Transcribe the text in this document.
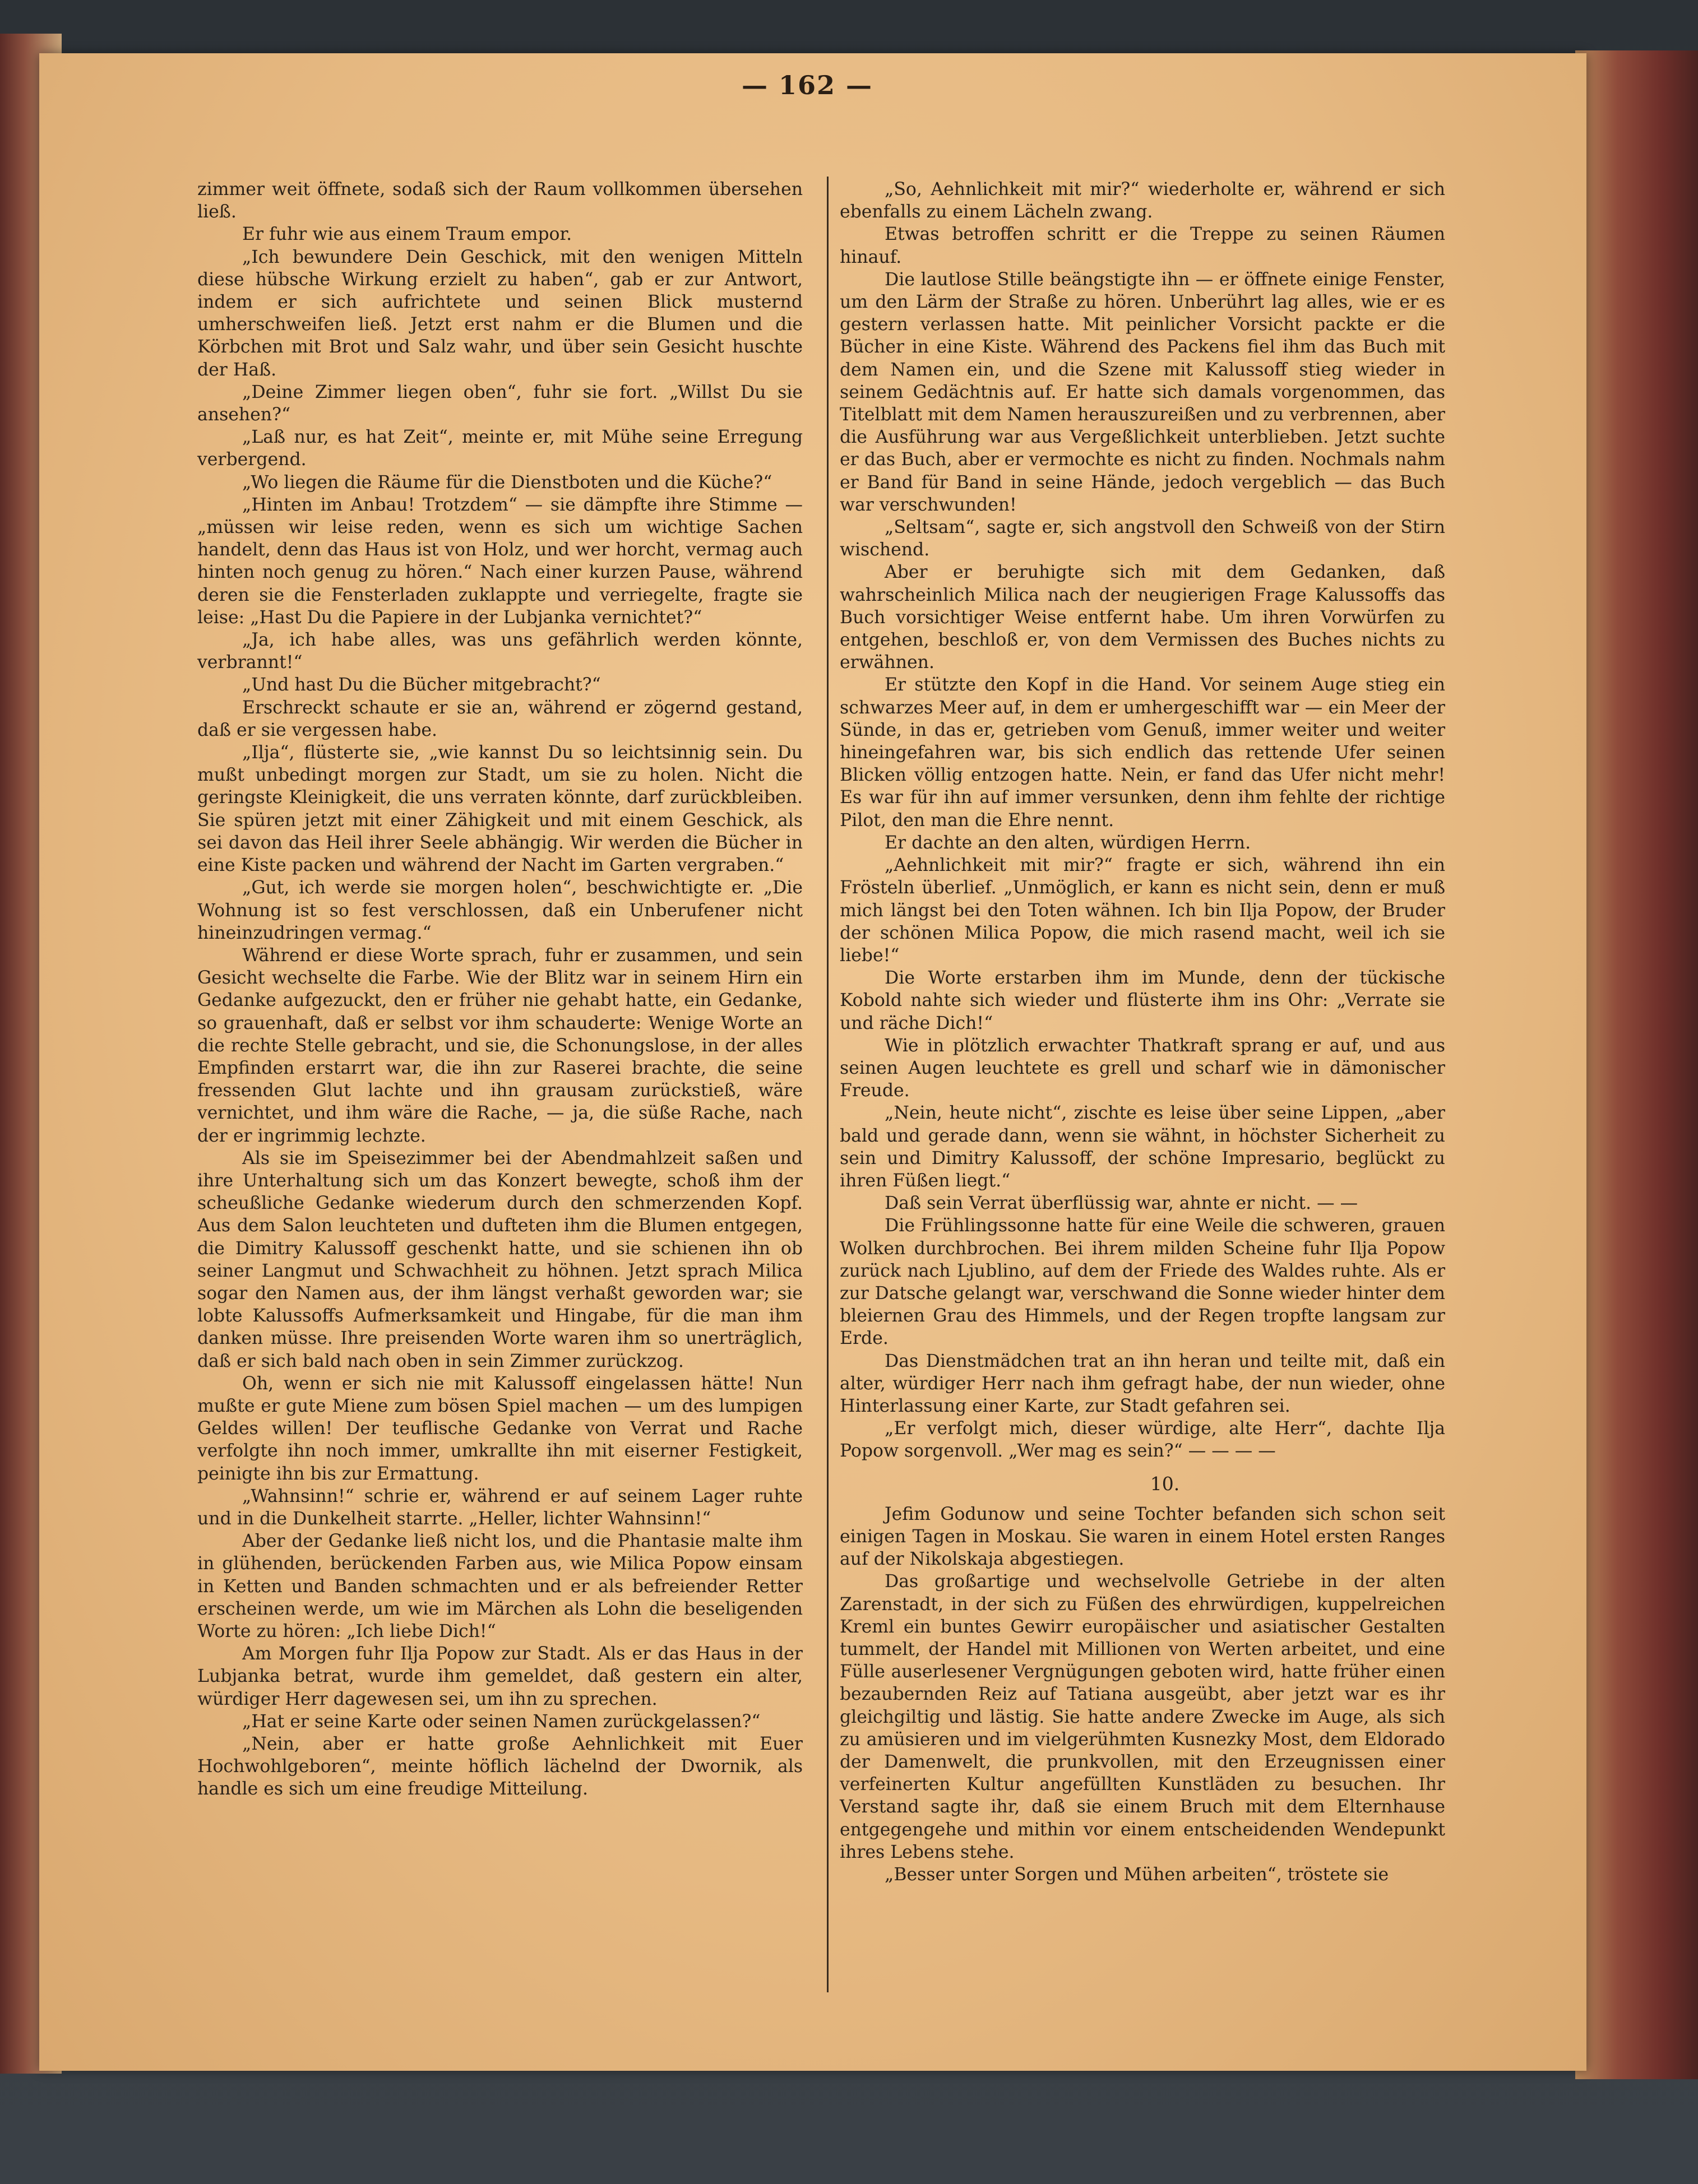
— 162 —

zimmer weit öffnete, sodaß sich der Raum vollkommen übersehen ließ.

Er fuhr wie aus einem Traum empor.

„Ich bewundere Dein Geschick, mit den wenigen Mitteln diese hübsche Wirkung erzielt zu haben“, gab er zur Antwort, indem er sich aufrichtete und seinen Blick musternd umherschweifen ließ. Jetzt erst nahm er die Blumen und die Körbchen mit Brot und Salz wahr, und über sein Gesicht huschte der Haß.

„Deine Zimmer liegen oben“, fuhr sie fort. „Willst Du sie ansehen?“

„Laß nur, es hat Zeit“, meinte er, mit Mühe seine Erregung verbergend.

„Wo liegen die Räume für die Dienstboten und die Küche?“

„Hinten im Anbau! Trotzdem“ — sie dämpfte ihre Stimme — „müssen wir leise reden, wenn es sich um wichtige Sachen handelt, denn das Haus ist von Holz, und wer horcht, vermag auch hinten noch genug zu hören.“ Nach einer kurzen Pause, während deren sie die Fensterladen zuklappte und verriegelte, fragte sie leise: „Hast Du die Papiere in der Lubjanka vernichtet?“

„Ja, ich habe alles, was uns gefährlich werden könnte, verbrannt!“

„Und hast Du die Bücher mitgebracht?“

Erschreckt schaute er sie an, während er zögernd gestand, daß er sie vergessen habe.

„Ilja“, flüsterte sie, „wie kannst Du so leichtsinnig sein. Du mußt unbedingt morgen zur Stadt, um sie zu holen. Nicht die geringste Kleinigkeit, die uns verraten könnte, darf zurückbleiben. Sie spüren jetzt mit einer Zähigkeit und mit einem Geschick, als sei davon das Heil ihrer Seele abhängig. Wir werden die Bücher in eine Kiste packen und während der Nacht im Garten vergraben.“

„Gut, ich werde sie morgen holen“, beschwichtigte er. „Die Wohnung ist so fest verschlossen, daß ein Unberufener nicht hineinzudringen vermag.“

Während er diese Worte sprach, fuhr er zusammen, und sein Gesicht wechselte die Farbe. Wie der Blitz war in seinem Hirn ein Gedanke aufgezuckt, den er früher nie gehabt hatte, ein Gedanke, so grauenhaft, daß er selbst vor ihm schauderte: Wenige Worte an die rechte Stelle gebracht, und sie, die Schonungslose, in der alles Empfinden erstarrt war, die ihn zur Raserei brachte, die seine fressenden Glut lachte und ihn grausam zurückstieß, wäre vernichtet, und ihm wäre die Rache, — ja, die süße Rache, nach der er ingrimmig lechzte.

Als sie im Speisezimmer bei der Abendmahlzeit saßen und ihre Unterhaltung sich um das Konzert bewegte, schoß ihm der scheußliche Gedanke wiederum durch den schmerzenden Kopf. Aus dem Salon leuchteten und dufteten ihm die Blumen entgegen, die Dimitry Kalussoff geschenkt hatte, und sie schienen ihn ob seiner Langmut und Schwachheit zu höhnen. Jetzt sprach Milica sogar den Namen aus, der ihm längst verhaßt geworden war; sie lobte Kalussoffs Aufmerksamkeit und Hingabe, für die man ihm danken müsse. Ihre preisenden Worte waren ihm so unerträglich, daß er sich bald nach oben in sein Zimmer zurückzog.

Oh, wenn er sich nie mit Kalussoff eingelassen hätte! Nun mußte er gute Miene zum bösen Spiel machen — um des lumpigen Geldes willen! Der teuflische Gedanke von Verrat und Rache verfolgte ihn noch immer, umkrallte ihn mit eiserner Festigkeit, peinigte ihn bis zur Ermattung.

„Wahnsinn!“ schrie er, während er auf seinem Lager ruhte und in die Dunkelheit starrte. „Heller, lichter Wahnsinn!“

Aber der Gedanke ließ nicht los, und die Phantasie malte ihm in glühenden, berückenden Farben aus, wie Milica Popow einsam in Ketten und Banden schmachten und er als befreiender Retter erscheinen werde, um wie im Märchen als Lohn die beseligenden Worte zu hören: „Ich liebe Dich!“

Am Morgen fuhr Ilja Popow zur Stadt. Als er das Haus in der Lubjanka betrat, wurde ihm gemeldet, daß gestern ein alter, würdiger Herr dagewesen sei, um ihn zu sprechen.

„Hat er seine Karte oder seinen Namen zurückgelassen?“

„Nein, aber er hatte große Aehnlichkeit mit Euer Hochwohlgeboren“, meinte höflich lächelnd der Dwornik, als handle es sich um eine freudige Mitteilung.

„So, Aehnlichkeit mit mir?“ wiederholte er, während er sich ebenfalls zu einem Lächeln zwang.

Etwas betroffen schritt er die Treppe zu seinen Räumen hinauf.

Die lautlose Stille beängstigte ihn — er öffnete einige Fenster, um den Lärm der Straße zu hören. Unberührt lag alles, wie er es gestern verlassen hatte. Mit peinlicher Vorsicht packte er die Bücher in eine Kiste. Während des Packens fiel ihm das Buch mit dem Namen ein, und die Szene mit Kalussoff stieg wieder in seinem Gedächtnis auf. Er hatte sich damals vorgenommen, das Titelblatt mit dem Namen herauszureißen und zu verbrennen, aber die Ausführung war aus Vergeßlichkeit unterblieben. Jetzt suchte er das Buch, aber er vermochte es nicht zu finden. Nochmals nahm er Band für Band in seine Hände, jedoch vergeblich — das Buch war verschwunden!

„Seltsam“, sagte er, sich angstvoll den Schweiß von der Stirn wischend.

Aber er beruhigte sich mit dem Gedanken, daß wahrscheinlich Milica nach der neugierigen Frage Kalussoffs das Buch vorsichtiger Weise entfernt habe. Um ihren Vorwürfen zu entgehen, beschloß er, von dem Vermissen des Buches nichts zu erwähnen.

Er stützte den Kopf in die Hand. Vor seinem Auge stieg ein schwarzes Meer auf, in dem er umhergeschifft war — ein Meer der Sünde, in das er, getrieben vom Genuß, immer weiter und weiter hineingefahren war, bis sich endlich das rettende Ufer seinen Blicken völlig entzogen hatte. Nein, er fand das Ufer nicht mehr! Es war für ihn auf immer versunken, denn ihm fehlte der richtige Pilot, den man die Ehre nennt.

Er dachte an den alten, würdigen Herrn.

„Aehnlichkeit mit mir?“ fragte er sich, während ihn ein Frösteln überlief. „Unmöglich, er kann es nicht sein, denn er muß mich längst bei den Toten wähnen. Ich bin Ilja Popow, der Bruder der schönen Milica Popow, die mich rasend macht, weil ich sie liebe!“

Die Worte erstarben ihm im Munde, denn der tückische Kobold nahte sich wieder und flüsterte ihm ins Ohr: „Verrate sie und räche Dich!“

Wie in plötzlich erwachter Thatkraft sprang er auf, und aus seinen Augen leuchtete es grell und scharf wie in dämonischer Freude.

„Nein, heute nicht“, zischte es leise über seine Lippen, „aber bald und gerade dann, wenn sie wähnt, in höchster Sicherheit zu sein und Dimitry Kalussoff, der schöne Impresario, beglückt zu ihren Füßen liegt.“

Daß sein Verrat überflüssig war, ahnte er nicht. — —

Die Frühlingssonne hatte für eine Weile die schweren, grauen Wolken durchbrochen. Bei ihrem milden Scheine fuhr Ilja Popow zurück nach Ljublino, auf dem der Friede des Waldes ruhte. Als er zur Datsche gelangt war, verschwand die Sonne wieder hinter dem bleiernen Grau des Himmels, und der Regen tropfte langsam zur Erde.

Das Dienstmädchen trat an ihn heran und teilte mit, daß ein alter, würdiger Herr nach ihm gefragt habe, der nun wieder, ohne Hinterlassung einer Karte, zur Stadt gefahren sei.

„Er verfolgt mich, dieser würdige, alte Herr“, dachte Ilja Popow sorgenvoll. „Wer mag es sein?“ — — — —

10.

Jefim Godunow und seine Tochter befanden sich schon seit einigen Tagen in Moskau. Sie waren in einem Hotel ersten Ranges auf der Nikolskaja abgestiegen.

Das großartige und wechselvolle Getriebe in der alten Zarenstadt, in der sich zu Füßen des ehrwürdigen, kuppelreichen Kreml ein buntes Gewirr europäischer und asiatischer Gestalten tummelt, der Handel mit Millionen von Werten arbeitet, und eine Fülle auserlesener Vergnügungen geboten wird, hatte früher einen bezaubernden Reiz auf Tatiana ausgeübt, aber jetzt war es ihr gleichgiltig und lästig. Sie hatte andere Zwecke im Auge, als sich zu amüsieren und im vielgerühmten Kusnezky Most, dem Eldorado der Damenwelt, die prunkvollen, mit den Erzeugnissen einer verfeinerten Kultur angefüllten Kunstläden zu besuchen. Ihr Verstand sagte ihr, daß sie einem Bruch mit dem Elternhause entgegengehe und mithin vor einem entscheidenden Wendepunkt ihres Lebens stehe.

„Besser unter Sorgen und Mühen arbeiten“, tröstete sie
